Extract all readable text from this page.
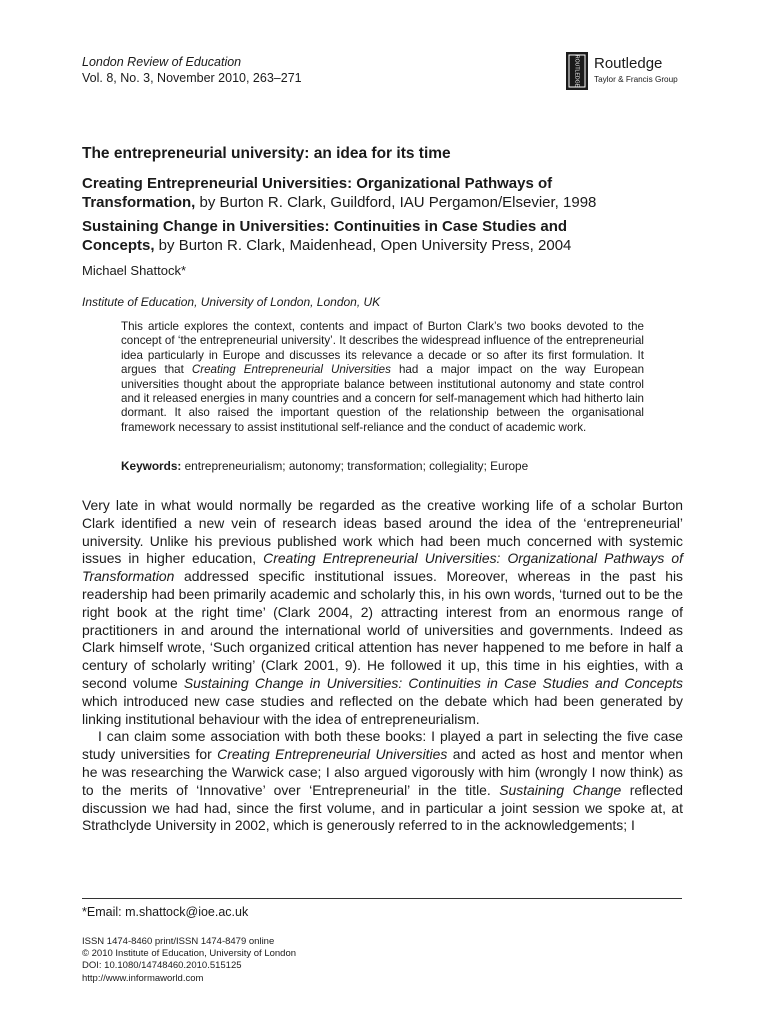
London Review of Education
Vol. 8, No. 3, November 2010, 263–271	ROUTLEDGE Routledge
Taylor & Francis Group
The entrepreneurial university: an idea for its time
Creating Entrepreneurial Universities: Organizational Pathways of Transformation, by Burton R. Clark, Guildford, IAU Pergamon/Elsevier, 1998
Sustaining Change in Universities: Continuities in Case Studies and Concepts, by Burton R. Clark, Maidenhead, Open University Press, 2004
Michael Shattock*
Institute of Education, University of London, London, UK
This article explores the context, contents and impact of Burton Clark’s two books devoted to the concept of ‘the entrepreneurial university’. It describes the widespread influence of the entrepreneurial idea particularly in Europe and discusses its relevance a decade or so after its first formulation. It argues that Creating Entrepreneurial Universities had a major impact on the way European universities thought about the appropriate balance between institutional autonomy and state control and it released energies in many countries and a concern for self-management which had hitherto lain dormant. It also raised the important question of the relationship between the organisational framework necessary to assist institutional self-reliance and the conduct of academic work.
Keywords: entrepreneurialism; autonomy; transformation; collegiality; Europe

Very late in what would normally be regarded as the creative working life of a scholar Burton Clark identified a new vein of research ideas based around the idea of the ‘entrepreneurial’ university. Unlike his previous published work which had been much concerned with systemic issues in higher education, Creating Entrepreneurial Universities: Organizational Pathways of Transformation addressed specific institutional issues. Moreover, whereas in the past his readership had been primarily academic and scholarly this, in his own words, ‘turned out to be the right book at the right time’ (Clark 2004, 2) attracting interest from an enormous range of practitioners in and around the international world of universities and governments. Indeed as Clark himself wrote, ‘Such organized critical attention has never happened to me before in half a century of scholarly writing’ (Clark 2001, 9). He followed it up, this time in his eighties, with a second volume Sustaining Change in Universities: Continuities in Case Studies and Concepts which introduced new case studies and reflected on the debate which had been generated by linking institutional behaviour with the idea of entrepreneurialism.

I can claim some association with both these books: I played a part in selecting the five case study universities for Creating Entrepreneurial Universities and acted as host and mentor when he was researching the Warwick case; I also argued vigorously with him (wrongly I now think) as to the merits of ‘Innovative’ over ‘Entrepreneurial’ in the title. Sustaining Change reflected discussion we had had, since the first volume, and in particular a joint session we spoke at, at Strathclyde University in 2002, which is generously referred to in the acknowledgements; I

*Email: m.shattock@ioe.ac.uk
ISSN 1474-8460 print/ISSN 1474-8479 online
© 2010 Institute of Education, University of London
DOI: 10.1080/14748460.2010.515125
http://www.informaworld.com
